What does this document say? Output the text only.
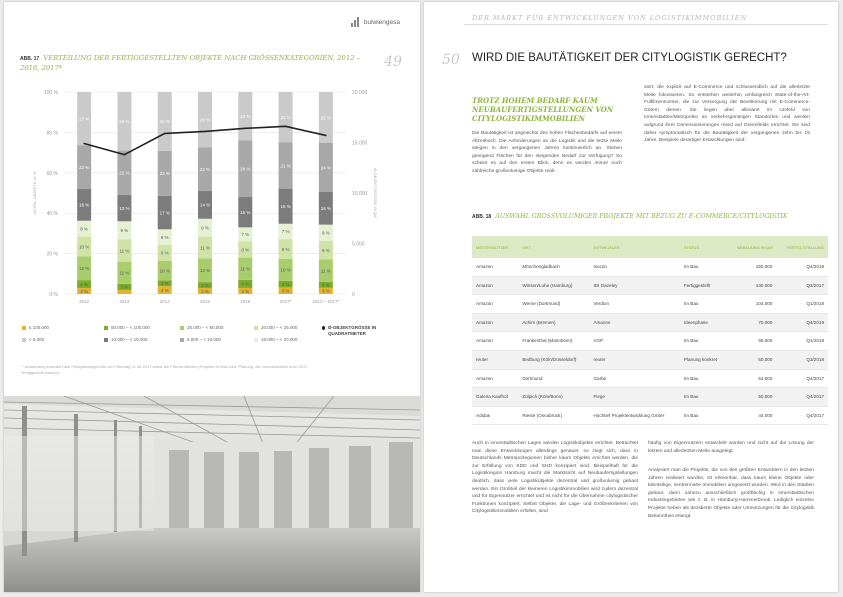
bulwiengesa
49
ABB. 17 VERTEILUNG DER FERTIGGESTELLTEN OBJEKTE NACH GRÖSSENKATEGORIEN, 2012 – 2016, 2017*
0 %
20 %
40 %
60 %
80 %
100 %
0
5.000
10.000
15.000
20.000
ANTEIL OBJEKTE IN %	Ø-OBJEKTGRÖSSE IN QM
3 %
4 %
12 %
10 %
8 %
16 %
22 %
27 %
2012
3 %
11 %
11 %
9 %
13 %
22 %
29 %
2013
4 %
3 %
10 %
8 %
8 %
17 %
23 %
30 %
2014
3 %
3 %
12 %
11 %
9 %
14 %
22 %
28 %
2015
3 %
4 %
11 %
8 %
7 %
15 %
28 %
24 %
2016
3 %
3 %
10 %
9 %
7 %
16 %
21 %
23 %
2017*
3 %
3 %
11 %
9 %
8 %
16 %
24 %
25 %
2012 – 2017*
≤ 100.000	50.000 – < 100.000	25.000 – < 50.000	20.000 – < 25.000
15.000 – < 20.000
10.000 – < 15.000	5.000 – < 10.000
< 5.000
Ø-OBJEKTGRÖSSE IN QUADRATMETER
* Auswertung kumuliert alle Fertigstellungen bis zum Stichtag 01.05.2017 sowie die Flächenflächen (Projekte im Bau bzw. Planung, die voraussichtlich noch 2017 fertiggestellt werden)
DER MARKT FÜR ENTWICKLUNGEN VON LOGISTIKIMMOBILIEN
50 WIRD DIE BAUTÄTIGKEIT DER CITYLOGISTIK GERECHT?
TROTZ HOHEM BEDARF KAUM NEUBAUFERTIGSTELLUNGEN VON CITYLOGISTIKIMMOBILIEN
Die Bautätigkeit ist angesichts des hohen Flächenbedarfs auf einem Allzeithoch. Die Anforderungen an die Logistik und die letzte Meile steigen in den vergangenen Jahren kontinuierlich an. Stehen genügend Flächen für den steigenden Bedarf zur Verfügung? So scheint es auf den ersten Blick, denn es werden immer noch zahlreiche großvolumige Objekte reali-
siert, die explizit auf E-Commerce und schlussendlich auf die allerletzte Meile fokussieren. So entstehen weiterhin umfangreich State-of-the-Art-Fulfilmentcenter, die zur Versorgung der Bevölkerung mit E-Commerce-Gütern dienen. Sie liegen aber allesamt im Umfeld von Innenstädten/Metropolen an verkehrsgünstigen Standorten und werden aufgrund ihrer Dimensionierungen meist auf Greenfields errichtet. Sie sind daher symptomatisch für die Bautätigkeit der vergangenen zehn bis 15 Jahre. Beispiele derartiger Entwicklungen sind:
ABB. 18 AUSWAHL GROSSVOLUMIGER PROJEKTE MIT BEZUG ZU E-COMMERCE/CITYLOGISTIK
MIETER/NUTZER	ORT	ENTWICKLER	STATUS	BEBAUUNG IN QM	FERTIG-STELLUNG
Amazon	Mönchengladbach	Ixocon	Im Bau	150.000	Q4/2018
Amazon	Winsen/Luhe (Hamburg)	IDI Gazeley	Fertiggestellt	130.000	Q3/2017
Amazon	Werne (Dortmund)	Verdion	Im Bau	104.000	Q1/2018
Amazon	Achim (Bremen)	Amazon	Ideenphase	70.000	Q4/2019
Amazon	Frankenthal (Mannheim)	VGP	Im Bau	66.500	Q1/2018
reuter	Bedburg (Köln/Düsseldorf)	reuter	Planung konkret	60.000	Q3/2018
Amazon	Dortmund	Garbe	Im Bau	54.000	Q4/2017
Galeria Kaufhof	Zülpich (Köln/Bonn)	Fiege	Im Bau	50.000	Q4/2017
Adidas	Rieste (Osnabrück)	Hochtief Projektentwicklung GmbH	Im Bau	44.000	Q4/2017
Auch in innerstädtischen Lagen werden Logistikobjekte errichtet. Betrachtet man diese Entwicklungen allerdings genauer, so zeigt sich, dass in Deutschlands Metropolregionen bisher kaum Objekte errichtet werden, die zur Erfüllung von SDD und SHD konzipiert sind. Beispielhaft für die Logistikregion Hamburg macht die Marktsicht auf Neubaufertigstellungen deutlich, dass viele Logistikobjekte dezentral und großvolumig gebaut werden. Ein Großteil der kleineren Logistikimmobilien wird zudem dezentral und für Eigennutzer errichtet und ist nicht für die Übernahme citylogistischer Funktionen konzipiert. Selbst Objekte, die Lage- und Größenkriterien von Citylogistikimmobilien erfüllen, sind
häufig von Eigennutzern entwickelt worden und nicht auf die Lösung der letzten und allerletzten Meile ausgelegt.
Analysiert man die Projekte, die von den größten Entwicklern in den letzten Jahren realisiert wurden, ist erkennbar, dass kaum kleine Objekte oder kleinteilige, zentrennahe Immobilien umgesetzt wurden. Wird in den Städten gebaut, dann nahezu ausschließlich großflächig in innerstädtischen Industriegebieten wie z. B. in Hamburg-Hammerbrook. Lediglich einzelne Projekte heben als dezidierte Objekte oder Umnutzungen für die Citylogistik Bekanntheit erlangt.
